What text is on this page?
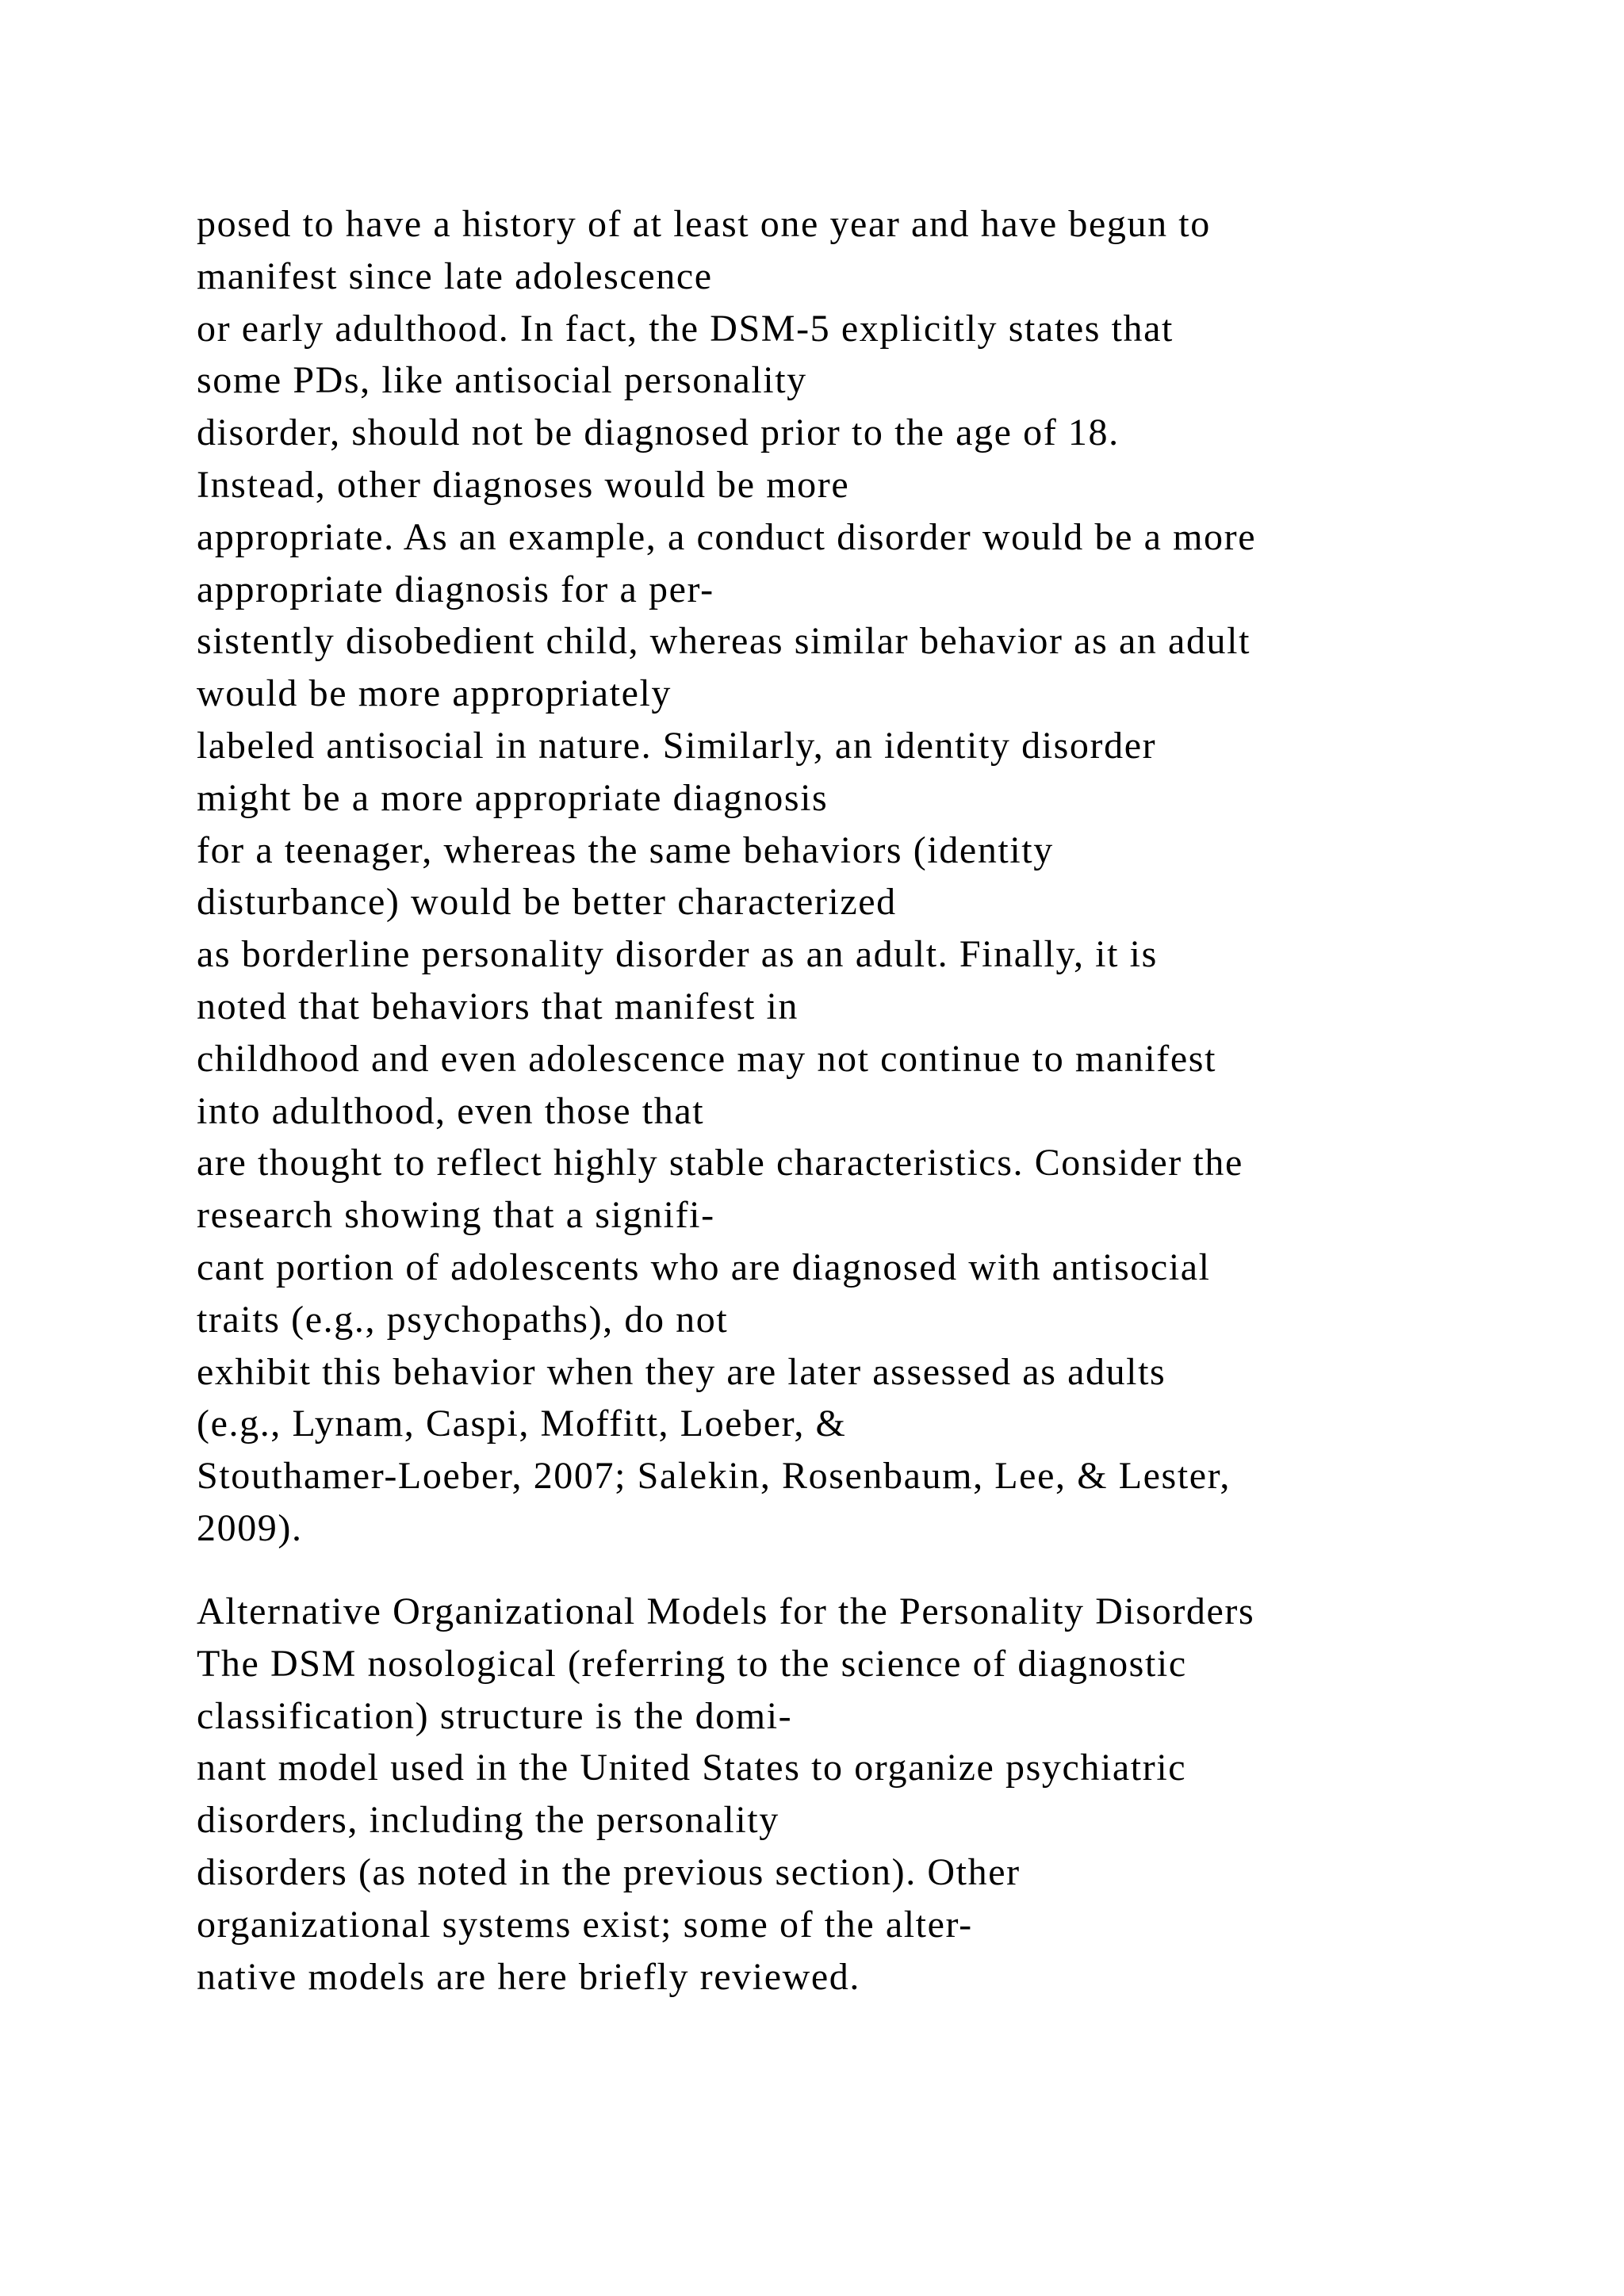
posed to have a history of at least one year and have begun to
manifest since late adolescence
or early adulthood. In fact, the DSM-5 explicitly states that
some PDs, like antisocial personality
disorder, should not be diagnosed prior to the age of 18.
Instead, other diagnoses would be more
appropriate. As an example, a conduct disorder would be a more
appropriate diagnosis for a per-
sistently disobedient child, whereas similar behavior as an adult
would be more appropriately
labeled antisocial in nature. Similarly, an identity disorder
might be a more appropriate diagnosis
for a teenager, whereas the same behaviors (identity
disturbance) would be better characterized
as borderline personality disorder as an adult. Finally, it is
noted that behaviors that manifest in
childhood and even adolescence may not continue to manifest
into adulthood, even those that
are thought to reflect highly stable characteristics. Consider the
research showing that a signifi-
cant portion of adolescents who are diagnosed with antisocial
traits (e.g., psychopaths), do not
exhibit this behavior when they are later assessed as adults
(e.g., Lynam, Caspi, Moffitt, Loeber, &
Stouthamer-Loeber, 2007; Salekin, Rosenbaum, Lee, & Lester,
2009).
Alternative Organizational Models for the Personality Disorders
The DSM nosological (referring to the science of diagnostic
classification) structure is the domi-
nant model used in the United States to organize psychiatric
disorders, including the personality
disorders (as noted in the previous section). Other
organizational systems exist; some of the alter-
native models are here briefly reviewed.
